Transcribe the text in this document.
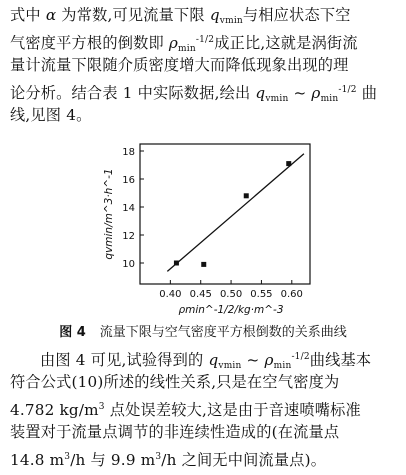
式中 α 为常数,可见流量下限 $q_{vmin}$与相应状态下空
气密度平方根的倒数即 $\rho_{min}^{-1/2}$成正比,这就是涡街流
量计流量下限随介质密度增大而降低现象出现的理
论分析。结合表 1 中实际数据,绘出 $q_{vmin}$ ~ $\rho_{min}^{-1/2}$ 曲
线,见图 4。
0.40 0.45 0.50 0.55 0.60
10
12
14
16
18
ρmin^-1/2/kg·m^-3
qvmin/m^3·h^-1
图 4 流量下限与空气密度平方根倒数的关系曲线
由图 4 可见,试验得到的 $q_{vmin}$ ~ $\rho_{min}^{-1/2}$曲线基本
符合公式(10)所述的线性关系,只是在空气密度为
4.782 $kg/m^3$ 点处误差较大,这是由于音速喷嘴标准
装置对于流量点调节的非连续性造成的(在流量点
14.8 $m^3/h$ 与 9.9 $m^3/h$ 之间无中间流量点)。
